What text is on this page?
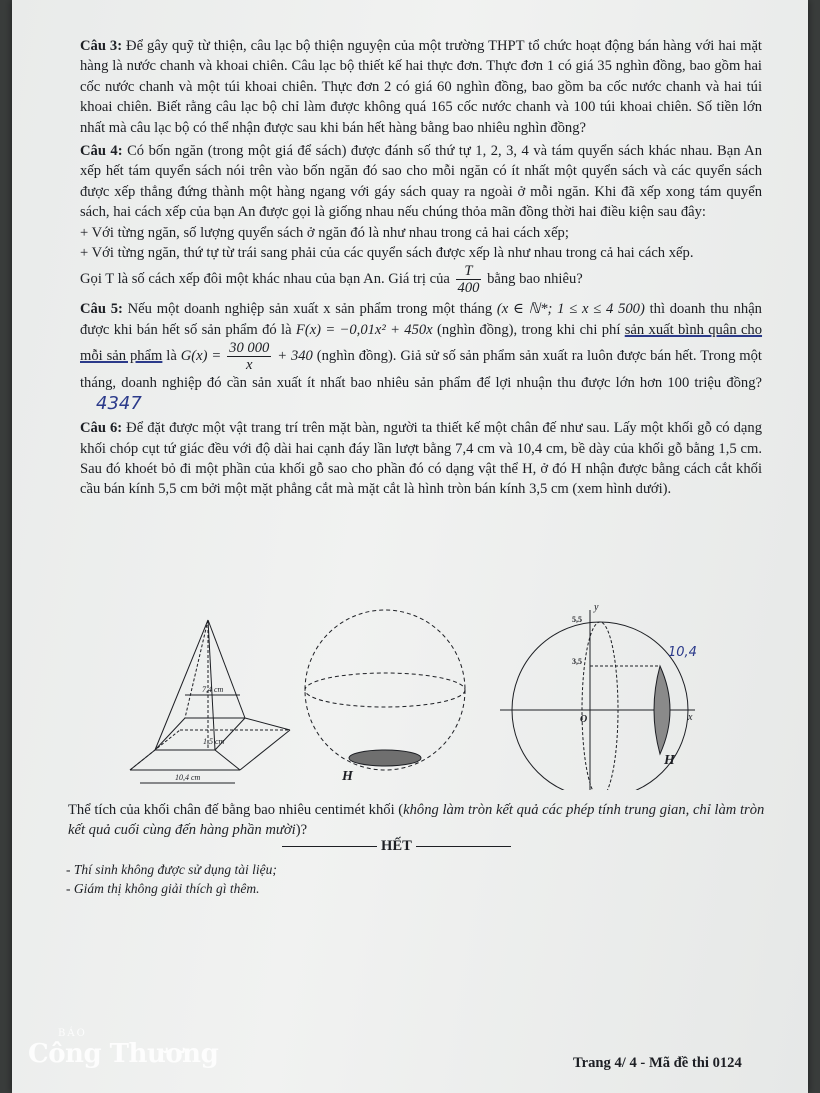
Câu 3: Để gây quỹ từ thiện, câu lạc bộ thiện nguyện của một trường THPT tổ chức hoạt động bán hàng với hai mặt hàng là nước chanh và khoai chiên. Câu lạc bộ thiết kế hai thực đơn. Thực đơn 1 có giá 35 nghìn đồng, bao gồm hai cốc nước chanh và một túi khoai chiên. Thực đơn 2 có giá 60 nghìn đồng, bao gồm ba cốc nước chanh và hai túi khoai chiên. Biết rằng câu lạc bộ chỉ làm được không quá 165 cốc nước chanh và 100 túi khoai chiên. Số tiền lớn nhất mà câu lạc bộ có thể nhận được sau khi bán hết hàng bằng bao nhiêu nghìn đồng?

Câu 4: Có bốn ngăn (trong một giá để sách) được đánh số thứ tự 1, 2, 3, 4 và tám quyển sách khác nhau. Bạn An xếp hết tám quyển sách nói trên vào bốn ngăn đó sao cho mỗi ngăn có ít nhất một quyển sách và các quyển sách được xếp thẳng đứng thành một hàng ngang với gáy sách quay ra ngoài ở mỗi ngăn. Khi đã xếp xong tám quyển sách, hai cách xếp của bạn An được gọi là giống nhau nếu chúng thỏa mãn đồng thời hai điều kiện sau đây:
+ Với từng ngăn, số lượng quyển sách ở ngăn đó là như nhau trong cả hai cách xếp;
+ Với từng ngăn, thứ tự từ trái sang phải của các quyển sách được xếp là như nhau trong cả hai cách xếp.
Gọi T là số cách xếp đôi một khác nhau của bạn An. Giá trị của $\frac{T}{400}$ bằng bao nhiêu?

Câu 5: Nếu một doanh nghiệp sản xuất x sản phẩm trong một tháng (x ∈ ℕ*; 1 ≤ x ≤ 4 500) thì doanh thu nhận được khi bán hết số sản phẩm đó là F(x) = −0,01x² + 450x (nghìn đồng), trong khi chi phí sản xuất bình quân cho mỗi sản phẩm là $G(x) = \frac{30 000}{x} + 340$ (nghìn đồng). Giả sử số sản phẩm sản xuất ra luôn được bán hết. Trong một tháng, doanh nghiệp đó cần sản xuất ít nhất bao nhiêu sản phẩm để lợi nhuận thu được lớn hơn 100 triệu đồng? 4347

Câu 6: Để đặt được một vật trang trí trên mặt bàn, người ta thiết kế một chân đế như sau. Lấy một khối gỗ có dạng khối chóp cụt tứ giác đều với độ dài hai cạnh đáy lần lượt bằng 7,4 cm và 10,4 cm, bề dày của khối gỗ bằng 1,5 cm. Sau đó khoét bỏ đi một phần của khối gỗ sao cho phần đó có dạng vật thể H, ở đó H nhận được bằng cách cắt khối cầu bán kính 5,5 cm bởi một mặt phẳng cắt mà mặt cắt là hình tròn bán kính 3,5 cm (xem hình dưới).

7,4 cm
1,5 cm
10,4 cm	H
y
x
O
5,5
3,5
H
10,4
Thể tích của khối chân đế bằng bao nhiêu centimét khối (không làm tròn kết quả các phép tính trung gian, chỉ làm tròn kết quả cuối cùng đến hàng phần mười)?
HẾT
- Thí sinh không được sử dụng tài liệu;
- Giám thị không giải thích gì thêm.
BÁO
Công Thương	Trang 4/ 4 - Mã đề thi 0124
